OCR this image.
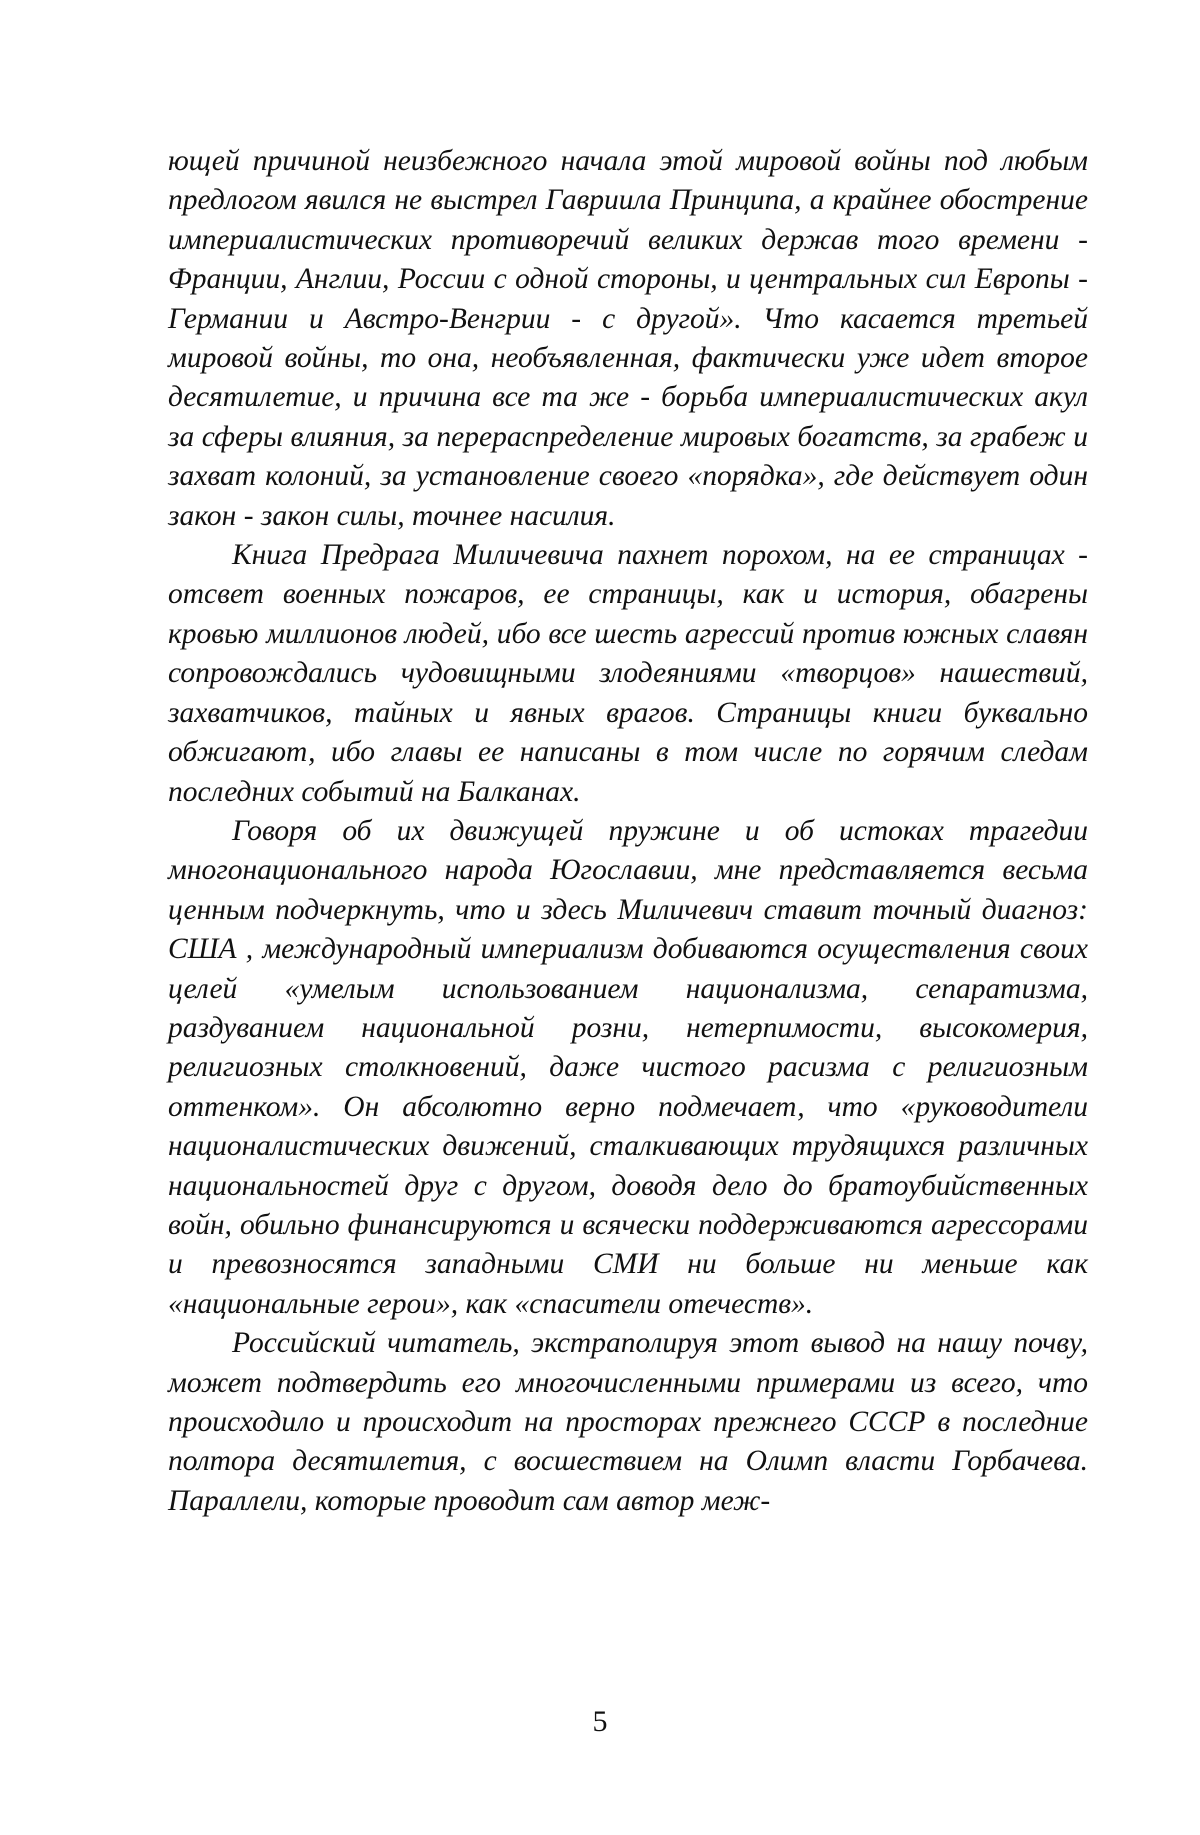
ющей причиной неизбежного начала этой мировой войны под любым предлогом явился не выстрел Гавриила Принципа, а крайнее обострение империалистических противоречий великих держав того времени - Франции, Англии, России с одной стороны, и центральных сил Европы - Германии и Австро-Венгрии - с другой». Что касается третьей мировой войны, то она, необъявленная, фактически уже идет второе десятилетие, и причина все та же - борьба империалистических акул за сферы влияния, за перераспределение мировых богатств, за грабеж и захват колоний, за установление своего «порядка», где действует один закон - закон силы, точнее насилия.

Книга Предрага Миличевича пахнет порохом, на ее страницах - отсвет военных пожаров, ее страницы, как и история, обагрены кровью миллионов людей, ибо все шесть агрессий против южных славян сопровождались чудовищными злодеяниями «творцов» нашествий, захватчиков, тайных и явных врагов. Страницы книги буквально обжигают, ибо главы ее написаны в том числе по горячим следам последних событий на Балканах.

Говоря об их движущей пружине и об истоках трагедии многонационального народа Югославии, мне представляется весьма ценным подчеркнуть, что и здесь Миличевич ставит точный диагноз: США , международный империализм добиваются осуществления своих целей «умелым использованием национализма, сепаратизма, раздуванием национальной розни, нетерпимости, высокомерия, религиозных столкновений, даже чистого расизма с религиозным оттенком». Он абсолютно верно подмечает, что «руководители националистических движений, сталкивающих трудящихся различных национальностей друг с другом, доводя дело до братоубийственных войн, обильно финансируются и всячески поддерживаются агрессорами и превозносятся западными СМИ ни больше ни меньше как «национальные герои», как «спасители отечеств».

Российский читатель, экстраполируя этот вывод на нашу почву, может подтвердить его многочисленными примерами из всего, что происходило и происходит на просторах прежнего СССР в последние полтора десятилетия, с восшествием на Олимп власти Горбачева. Параллели, которые проводит сам автор меж-

5
